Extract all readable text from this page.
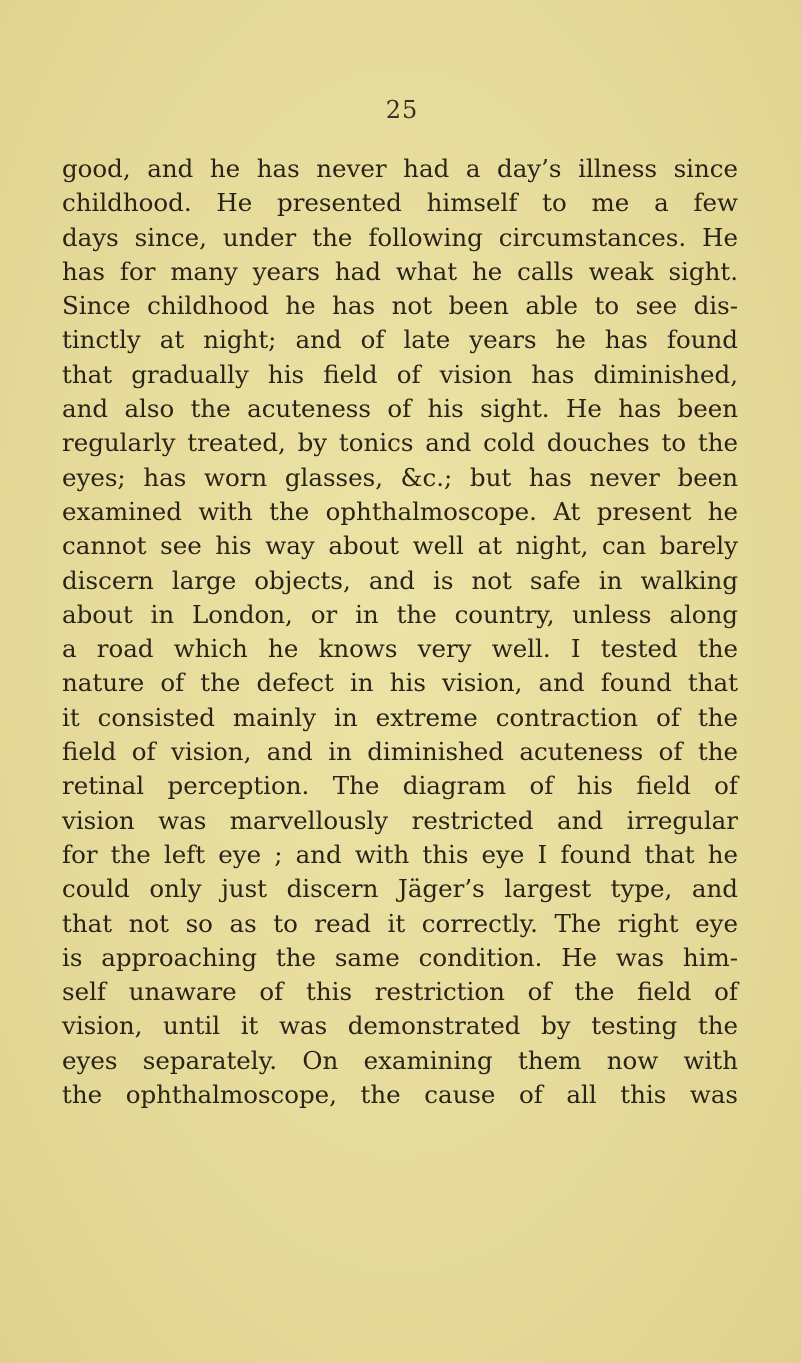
25
good, and he has never had a day’s illness since
childhood. He presented himself to me a few
days since, under the following circumstances. He
has for many years had what he calls weak sight.
Since childhood he has not been able to see dis-
tinctly at night; and of late years he has found
that gradually his field of vision has diminished,
and also the acuteness of his sight. He has been
regularly treated, by tonics and cold douches to the
eyes; has worn glasses, &c.; but has never been
examined with the ophthalmoscope. At present he
cannot see his way about well at night, can barely
discern large objects, and is not safe in walking
about in London, or in the country, unless along
a road which he knows very well. I tested the
nature of the defect in his vision, and found that
it consisted mainly in extreme contraction of the
field of vision, and in diminished acuteness of the
retinal perception. The diagram of his field of
vision was marvellously restricted and irregular
for the left eye ; and with this eye I found that he
could only just discern Jäger’s largest type, and
that not so as to read it correctly. The right eye
is approaching the same condition. He was him-
self unaware of this restriction of the field of
vision, until it was demonstrated by testing the
eyes separately. On examining them now with
the ophthalmoscope, the cause of all this was
